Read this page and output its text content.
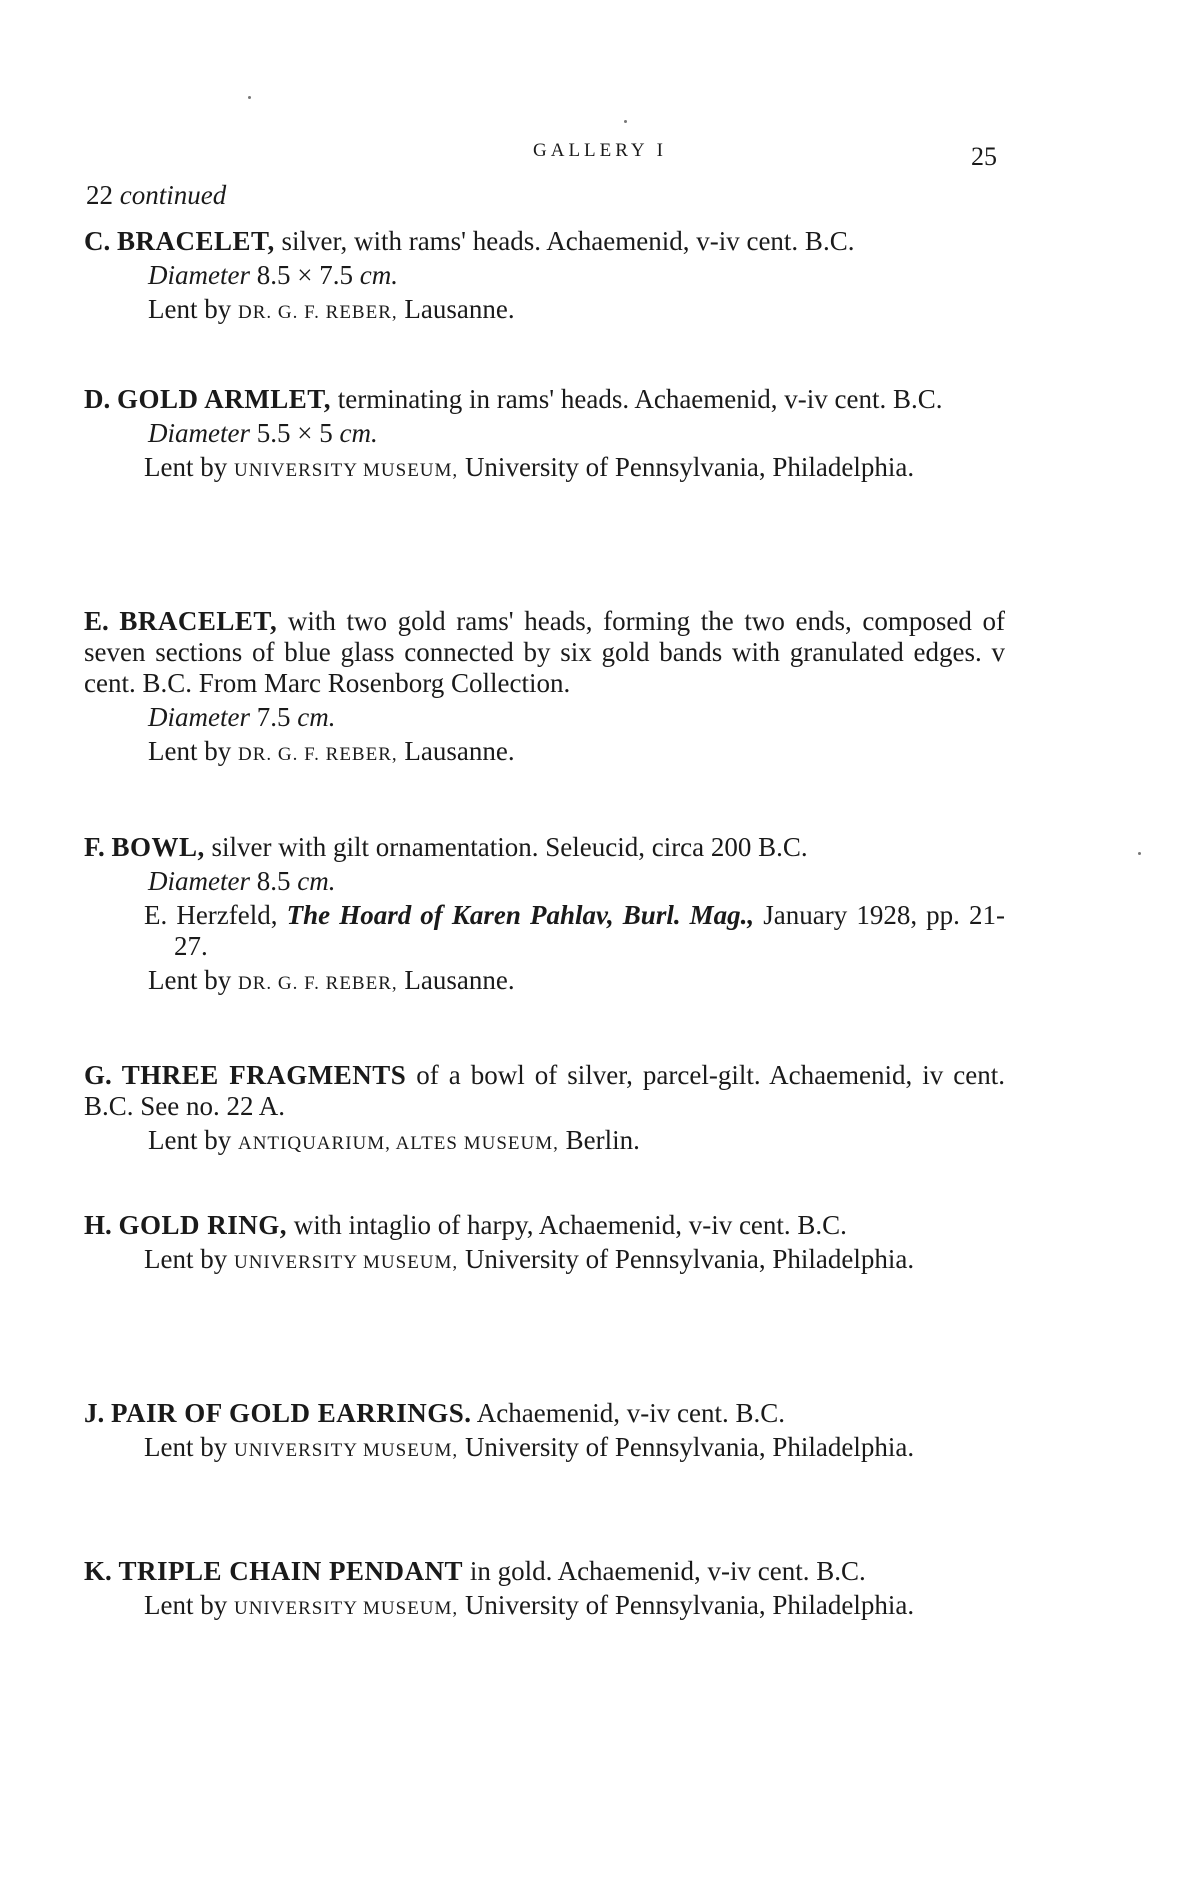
GALLERY I	25
22 continued
C. BRACELET, silver, with rams' heads. Achaemenid, v-iv cent. B.C.
Diameter 8.5 × 7.5 cm.
Lent by DR. G. F. REBER, Lausanne.
D. GOLD ARMLET, terminating in rams' heads. Achaemenid, v-iv cent. B.C.
Diameter 5.5 × 5 cm.
Lent by UNIVERSITY MUSEUM, University of Pennsylvania, Philadelphia.
E. BRACELET, with two gold rams' heads, forming the two ends, composed of seven sections of blue glass connected by six gold bands with granulated edges. v cent. B.C. From Marc Rosenborg Collection.
Diameter 7.5 cm.
Lent by DR. G. F. REBER, Lausanne.
F. BOWL, silver with gilt ornamentation. Seleucid, circa 200 B.C.
Diameter 8.5 cm.
E. Herzfeld, The Hoard of Karen Pahlav, Burl. Mag., January 1928, pp. 21-27.
Lent by DR. G. F. REBER, Lausanne.
G. THREE FRAGMENTS of a bowl of silver, parcel-gilt. Achaemenid, iv cent. B.C. See no. 22 A.
Lent by ANTIQUARIUM, ALTES MUSEUM, Berlin.
H. GOLD RING, with intaglio of harpy, Achaemenid, v-iv cent. B.C.
Lent by UNIVERSITY MUSEUM, University of Pennsylvania, Philadelphia.
J. PAIR OF GOLD EARRINGS. Achaemenid, v-iv cent. B.C.
Lent by UNIVERSITY MUSEUM, University of Pennsylvania, Philadelphia.
K. TRIPLE CHAIN PENDANT in gold. Achaemenid, v-iv cent. B.C.
Lent by UNIVERSITY MUSEUM, University of Pennsylvania, Philadelphia.
